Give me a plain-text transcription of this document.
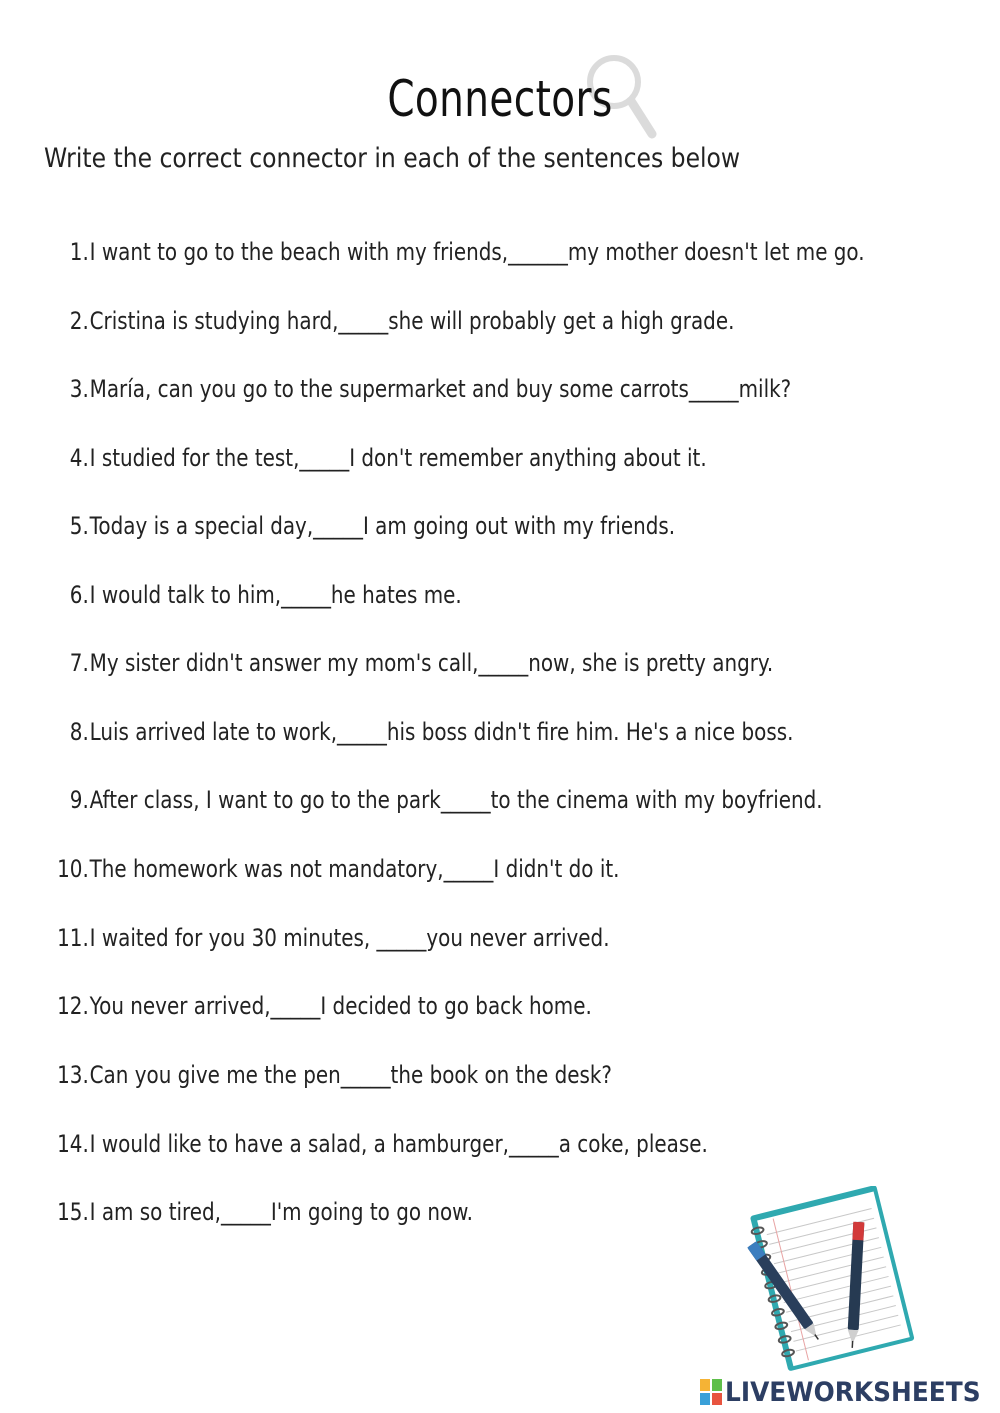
Connectors
Write the correct connector in each of the sentences below
1.I want to go to the beach with my friends,______my mother doesn't let me go.
2.Cristina is studying hard,_____she will probably get a high grade.
3.María, can you go to the supermarket and buy some carrots_____milk?
4.I studied for the test,_____I don't remember anything about it.
5.Today is a special day,_____I am going out with my friends.
6.I would talk to him,_____he hates me.
7.My sister didn't answer my mom's call,_____now, she is pretty angry.
8.Luis arrived late to work,_____his boss didn't fire him. He's a nice boss.
9.After class, I want to go to the park_____to the cinema with my boyfriend.
10.The homework was not mandatory,_____I didn't do it.
11.I waited for you 30 minutes, _____you never arrived.
12.You never arrived,_____I decided to go back home.
13.Can you give me the pen_____the book on the desk?
14.I would like to have a salad, a hamburger,_____a coke, please.
15.I am so tired,_____I'm going to go now.
LIVEWORKSHEETS
